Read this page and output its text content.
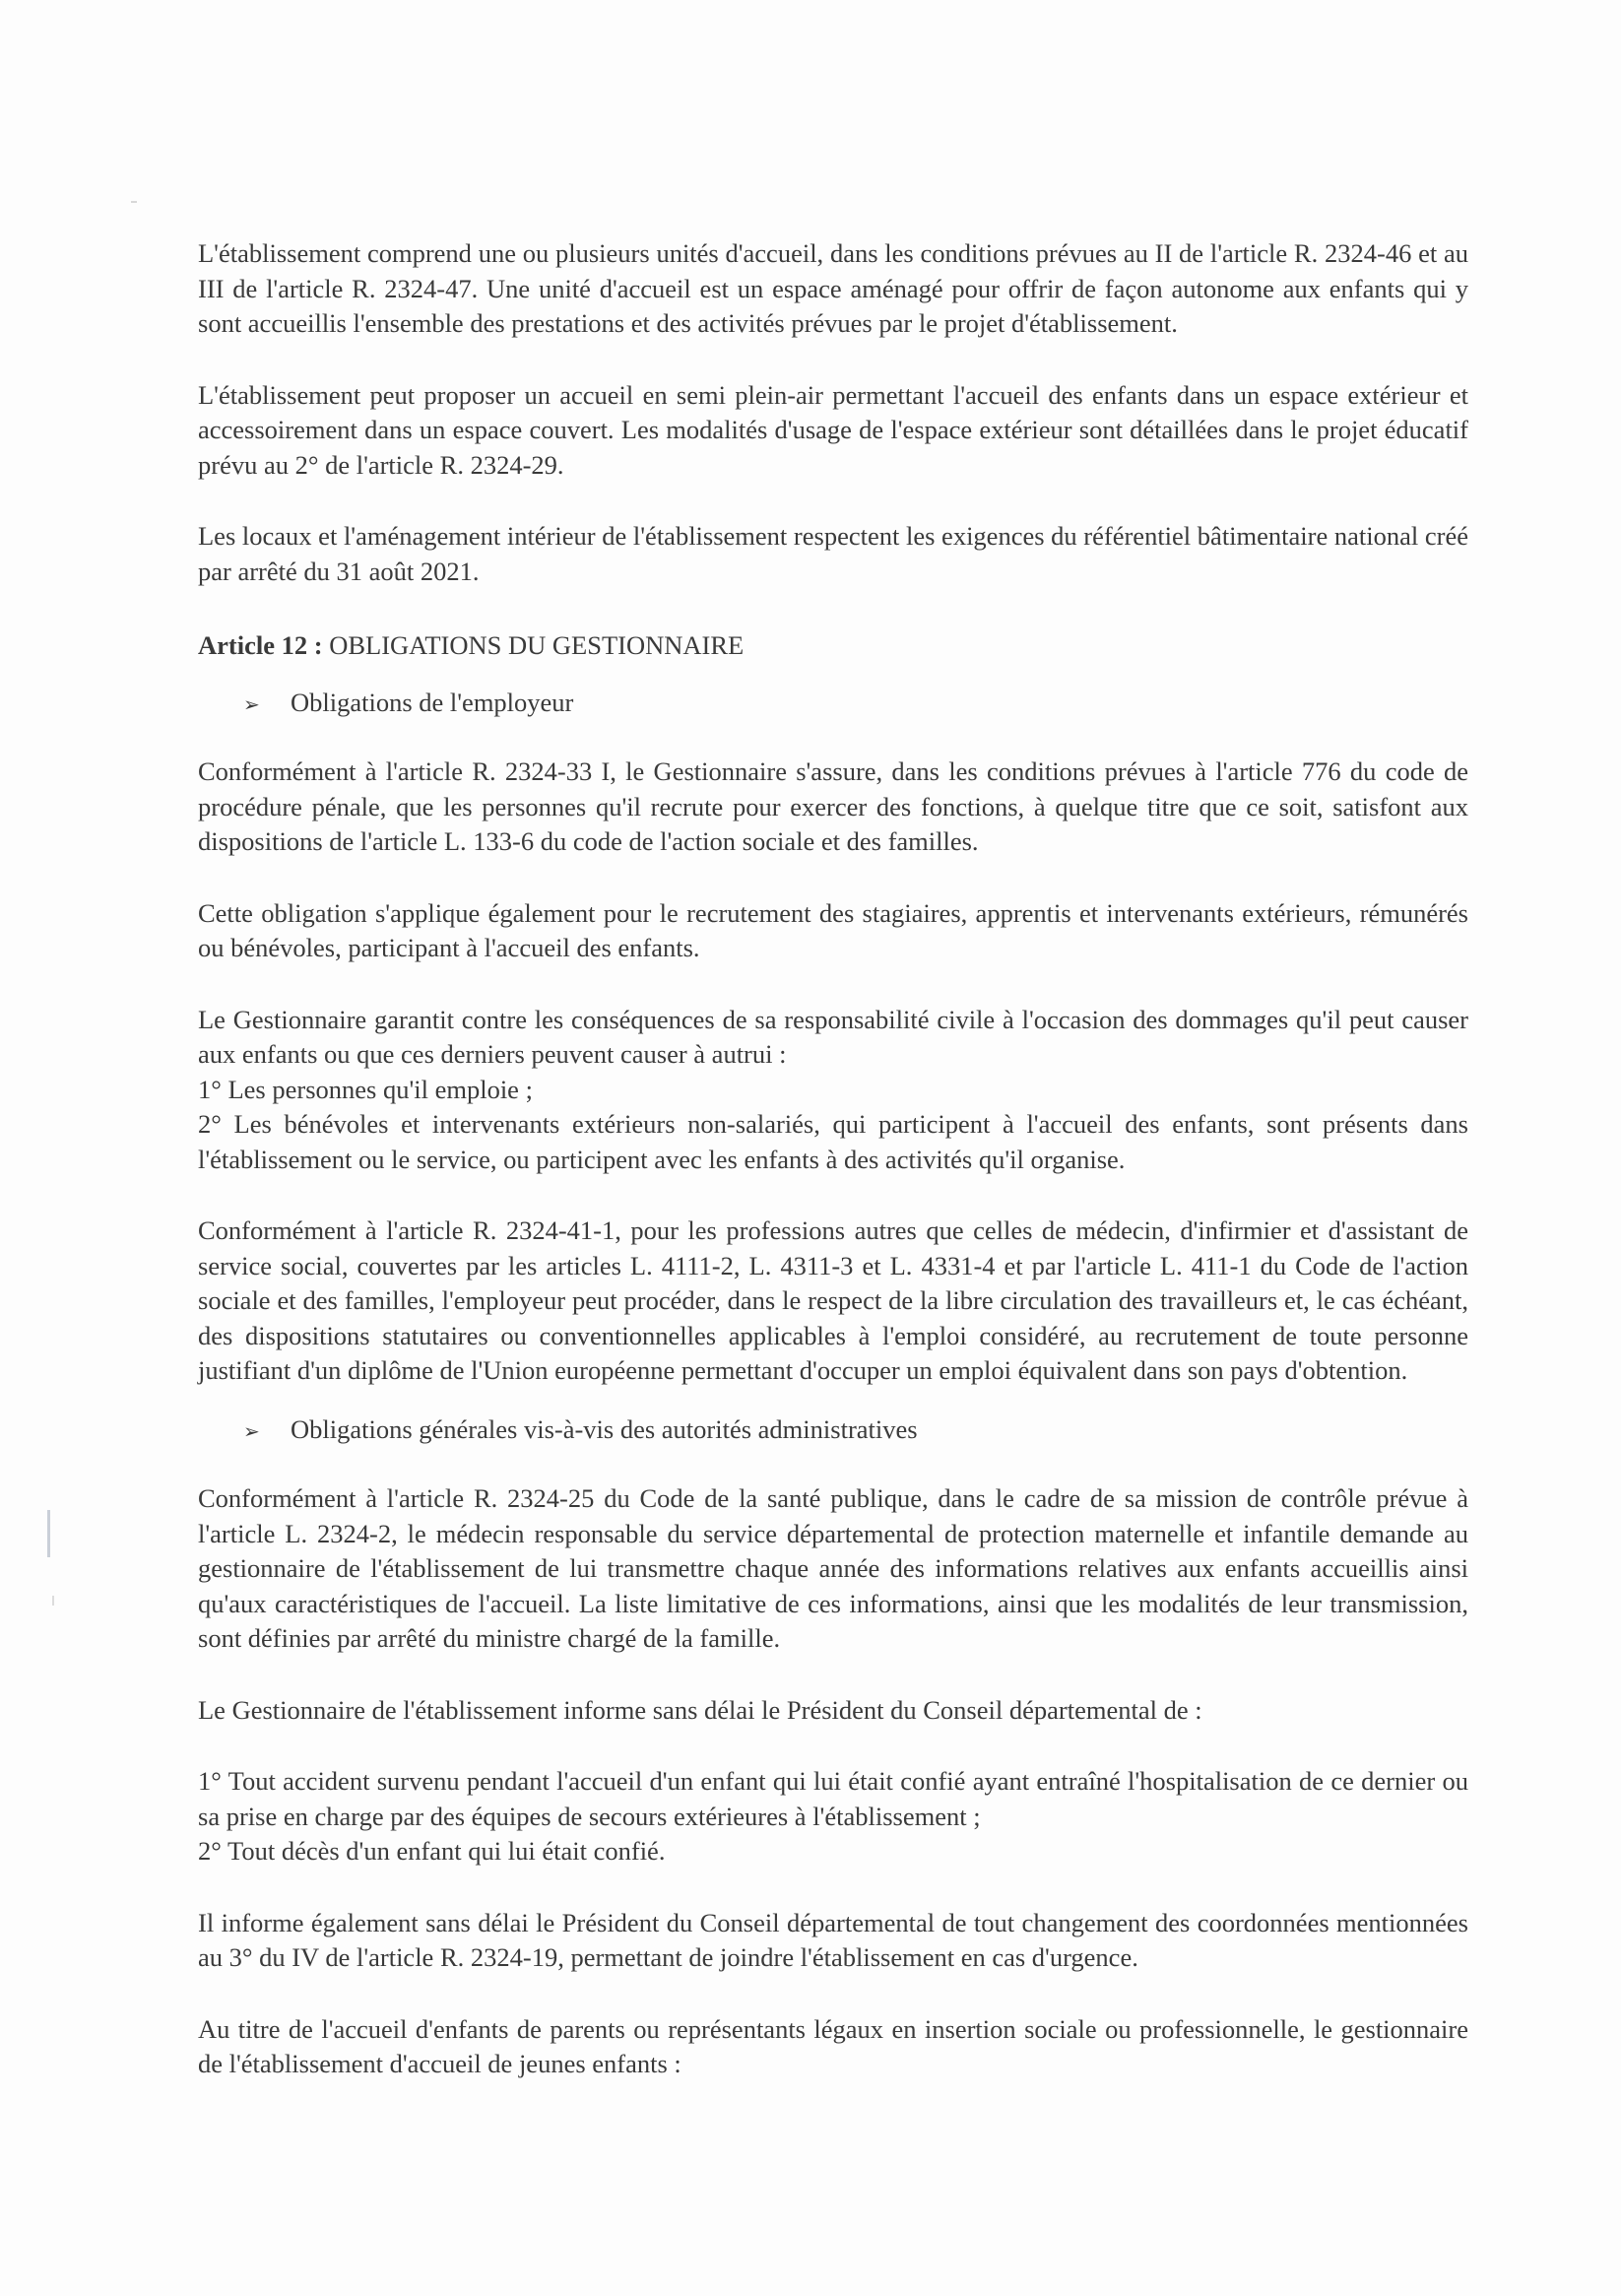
L'établissement comprend une ou plusieurs unités d'accueil, dans les conditions prévues au II de l'article R. 2324-46 et au III de l'article R. 2324-47. Une unité d'accueil est un espace aménagé pour offrir de façon autonome aux enfants qui y sont accueillis l'ensemble des prestations et des activités prévues par le projet d'établissement.

L'établissement peut proposer un accueil en semi plein-air permettant l'accueil des enfants dans un espace extérieur et accessoirement dans un espace couvert. Les modalités d'usage de l'espace extérieur sont détaillées dans le projet éducatif prévu au 2° de l'article R. 2324-29.

Les locaux et l'aménagement intérieur de l'établissement respectent les exigences du référentiel bâtimentaire national créé par arrêté du 31 août 2021.

Article 12 : OBLIGATIONS DU GESTIONNAIRE
➢	Obligations de l'employeur

Conformément à l'article R. 2324-33 I, le Gestionnaire s'assure, dans les conditions prévues à l'article 776 du code de procédure pénale, que les personnes qu'il recrute pour exercer des fonctions, à quelque titre que ce soit, satisfont aux dispositions de l'article L. 133-6 du code de l'action sociale et des familles.

Cette obligation s'applique également pour le recrutement des stagiaires, apprentis et intervenants extérieurs, rémunérés ou bénévoles, participant à l'accueil des enfants.

Le Gestionnaire garantit contre les conséquences de sa responsabilité civile à l'occasion des dommages qu'il peut causer aux enfants ou que ces derniers peuvent causer à autrui :
1° Les personnes qu'il emploie ;
2° Les bénévoles et intervenants extérieurs non-salariés, qui participent à l'accueil des enfants, sont présents dans l'établissement ou le service, ou participent avec les enfants à des activités qu'il organise.

Conformément à l'article R. 2324-41-1, pour les professions autres que celles de médecin, d'infirmier et d'assistant de service social, couvertes par les articles L. 4111-2, L. 4311-3 et L. 4331-4 et par l'article L. 411-1 du Code de l'action sociale et des familles, l'employeur peut procéder, dans le respect de la libre circulation des travailleurs et, le cas échéant, des dispositions statutaires ou conventionnelles applicables à l'emploi considéré, au recrutement de toute personne justifiant d'un diplôme de l'Union européenne permettant d'occuper un emploi équivalent dans son pays d'obtention.

➢	Obligations générales vis-à-vis des autorités administratives

Conformément à l'article R. 2324-25 du Code de la santé publique, dans le cadre de sa mission de contrôle prévue à l'article L. 2324-2, le médecin responsable du service départemental de protection maternelle et infantile demande au gestionnaire de l'établissement de lui transmettre chaque année des informations relatives aux enfants accueillis ainsi qu'aux caractéristiques de l'accueil. La liste limitative de ces informations, ainsi que les modalités de leur transmission, sont définies par arrêté du ministre chargé de la famille.

Le Gestionnaire de l'établissement informe sans délai le Président du Conseil départemental de :

1° Tout accident survenu pendant l'accueil d'un enfant qui lui était confié ayant entraîné l'hospitalisation de ce dernier ou sa prise en charge par des équipes de secours extérieures à l'établissement ;
2° Tout décès d'un enfant qui lui était confié.

Il informe également sans délai le Président du Conseil départemental de tout changement des coordonnées mentionnées au 3° du IV de l'article R. 2324-19, permettant de joindre l'établissement en cas d'urgence.

Au titre de l'accueil d'enfants de parents ou représentants légaux en insertion sociale ou professionnelle, le gestionnaire de l'établissement d'accueil de jeunes enfants :
